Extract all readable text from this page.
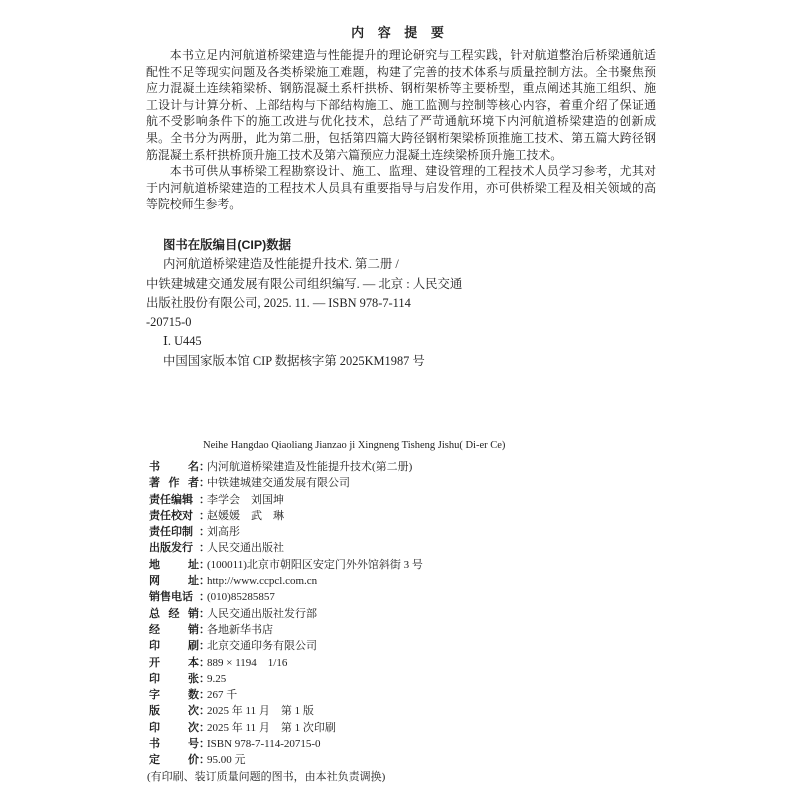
内 容 提 要

本书立足内河航道桥梁建造与性能提升的理论研究与工程实践，针对航道整治后桥梁通航适配性不足等现实问题及各类桥梁施工难题，构建了完善的技术体系与质量控制方法。全书聚焦预应力混凝土连续箱梁桥、钢筋混凝土系杆拱桥、钢桁架桥等主要桥型，重点阐述其施工组织、施工设计与计算分析、上部结构与下部结构施工、施工监测与控制等核心内容，着重介绍了保证通航不受影响条件下的施工改进与优化技术，总结了严苛通航环境下内河航道桥梁建造的创新成果。全书分为两册，此为第二册，包括第四篇大跨径钢桁架梁桥顶推施工技术、第五篇大跨径钢筋混凝土系杆拱桥顶升施工技术及第六篇预应力混凝土连续梁桥顶升施工技术。

本书可供从事桥梁工程勘察设计、施工、监理、建设管理的工程技术人员学习参考，尤其对于内河航道桥梁建造的工程技术人员具有重要指导与启发作用，亦可供桥梁工程及相关领域的高等院校师生参考。

图书在版编目(CIP)数据
内河航道桥梁建造及性能提升技术. 第二册 /
中铁建城建交通发展有限公司组织编写. — 北京 : 人民交通
出版社股份有限公司, 2025. 11. — ISBN 978-7-114
-20715-0
Ⅰ. U445
中国国家版本馆 CIP 数据核字第 2025KM1987 号
Neihe Hangdao Qiaoliang Jianzao ji Xingneng Tisheng Jishu( Di-er Ce)
书	名 ：
内河航道桥梁建造及性能提升技术(第二册)
著 作 者 ：
中铁建城建交通发展有限公司
责任编辑 ：
李学会　刘国坤
责任校对 ：
赵媛媛　武　琳
责任印制 ：
刘高彤
出版发行 ：
人民交通出版社
地	址 ：
(100011)北京市朝阳区安定门外外馆斜街 3 号
网	址 ：
http://www.ccpcl.com.cn
销售电话 ：
(010)85285857
总 经 销 ：
人民交通出版社发行部
经	销 ：
各地新华书店
印	刷 ：
北京交通印务有限公司
开	本 ：
889 × 1194　1/16
印	张 ：
9.25
字	数 ：
267 千
版	次 ：
2025 年 11 月　第 1 版
印	次 ：
2025 年 11 月　第 1 次印刷
书	号 ：
ISBN 978-7-114-20715-0
定	价 ：
95.00 元
(有印刷、装订质量问题的图书，由本社负责调换)
